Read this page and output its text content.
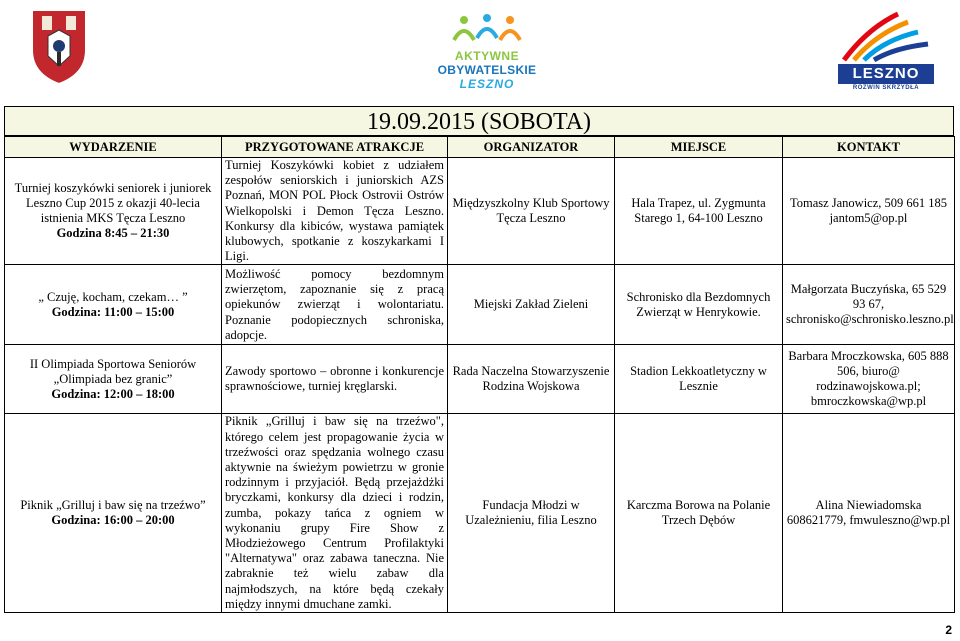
AKTYWNE
OBYWATELSKIE
LESZNO
LESZNO
ROZWIŃ SKRZYDŁA
19.09.2015 (SOBOTA)
WYDARZENIE	PRZYGOTOWANE ATRAKCJE	ORGANIZATOR	MIEJSCE	KONTAKT

Turniej koszykówki seniorek i juniorek Leszno Cup 2015 z okazji 40-lecia istnienia MKS Tęcza Leszno
Godzina 8:45 – 21:30	Turniej Koszykówki kobiet z udziałem zespołów seniorskich i juniorskich AZS Poznań, MON POL Płock Ostrovii Ostrów Wielkopolski i Demon Tęcza Leszno. Konkursy dla kibiców, wystawa pamiątek klubowych, spotkanie z koszykarkami I Ligi.	Międzyszkolny Klub Sportowy Tęcza Leszno	Hala Trapez, ul. Zygmunta Starego 1, 64-100 Leszno	Tomasz Janowicz, 509 661 185 jantom5@op.pl

„ Czuję, kocham, czekam… ”
Godzina: 11:00 – 15:00	Możliwość pomocy bezdomnym zwierzętom, zapoznanie się z pracą opiekunów zwierząt i wolontariatu. Poznanie podopiecznych schroniska, adopcje.	Miejski Zakład Zieleni	Schronisko dla Bezdomnych Zwierząt w Henrykowie.	Małgorzata Buczyńska, 65 529 93 67, schronisko@schronisko.leszno.pl

II Olimpiada Sportowa Seniorów „Olimpiada bez granic”
Godzina: 12:00 – 18:00	Zawody sportowo – obronne i konkurencje sprawnościowe, turniej kręglarski.	Rada Naczelna Stowarzyszenie Rodzina Wojskowa	Stadion Lekkoatletyczny w Lesznie	Barbara Mroczkowska, 605 888 506, biuro@ rodzinawojskowa.pl; bmroczkowska@wp.pl

Piknik „Grilluj i baw się na trzeźwo”
Godzina: 16:00 – 20:00	Piknik „Grilluj i baw się na trzeźwo", którego celem jest propagowanie życia w trzeźwości oraz spędzania wolnego czasu aktywnie na świeżym powietrzu w gronie rodzinnym i przyjaciół. Będą przejażdżki bryczkami, konkursy dla dzieci i rodzin, zumba, pokazy tańca z ogniem w wykonaniu grupy Fire Show z Młodzieżowego Centrum Profilaktyki "Alternatywa" oraz zabawa taneczna. Nie zabraknie też wielu zabaw dla najmłodszych, na które będą czekały między innymi dmuchane zamki.	Fundacja Młodzi w Uzależnieniu, filia Leszno	Karczma Borowa na Polanie Trzech Dębów	Alina Niewiadomska 608621779, fmwuleszno@wp.pl
2
